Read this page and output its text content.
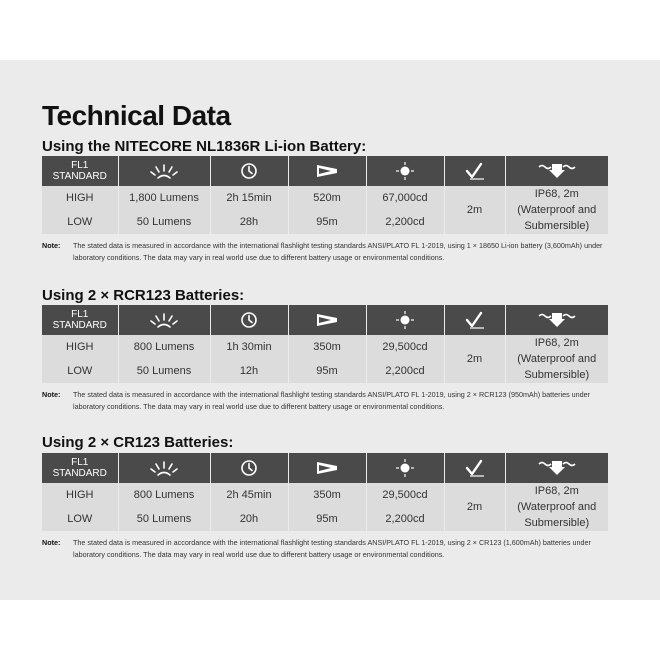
Technical Data
Using the NITECORE NL1836R Li-ion Battery:
FL1
STANDARD	

HIGH	1,800 Lumens	2h 15min	520m	67,000cd	2m	IP68, 2m
(Waterproof and
Submersible)
LOW	50 Lumens	28h	95m	2,200cd		
Note: The stated data is measured in accordance with the international flashlight testing standards ANSI/PLATO FL 1-2019, using 1 × 18650 Li-ion battery (3,600mAh) under laboratory conditions. The data may vary in real world use due to different battery usage or environmental conditions.
Using 2 × RCR123 Batteries:
FL1
STANDARD	

HIGH	800 Lumens	1h 30min	350m	29,500cd	2m	IP68, 2m
(Waterproof and
Submersible)
LOW	50 Lumens	12h	95m	2,200cd		
Note: The stated data is measured in accordance with the international flashlight testing standards ANSI/PLATO FL 1-2019, using 2 × RCR123 (950mAh) batteries under laboratory conditions. The data may vary in real world use due to different battery usage or environmental conditions.
Using 2 × CR123 Batteries:
FL1
STANDARD	

HIGH	800 Lumens	2h 45min	350m	29,500cd	2m	IP68, 2m
(Waterproof and
Submersible)
LOW	50 Lumens	20h	95m	2,200cd		
Note: The stated data is measured in accordance with the international flashlight testing standards ANSI/PLATO FL 1-2019, using 2 × CR123 (1,600mAh) batteries under laboratory conditions. The data may vary in real world use due to different battery usage or environmental conditions.
